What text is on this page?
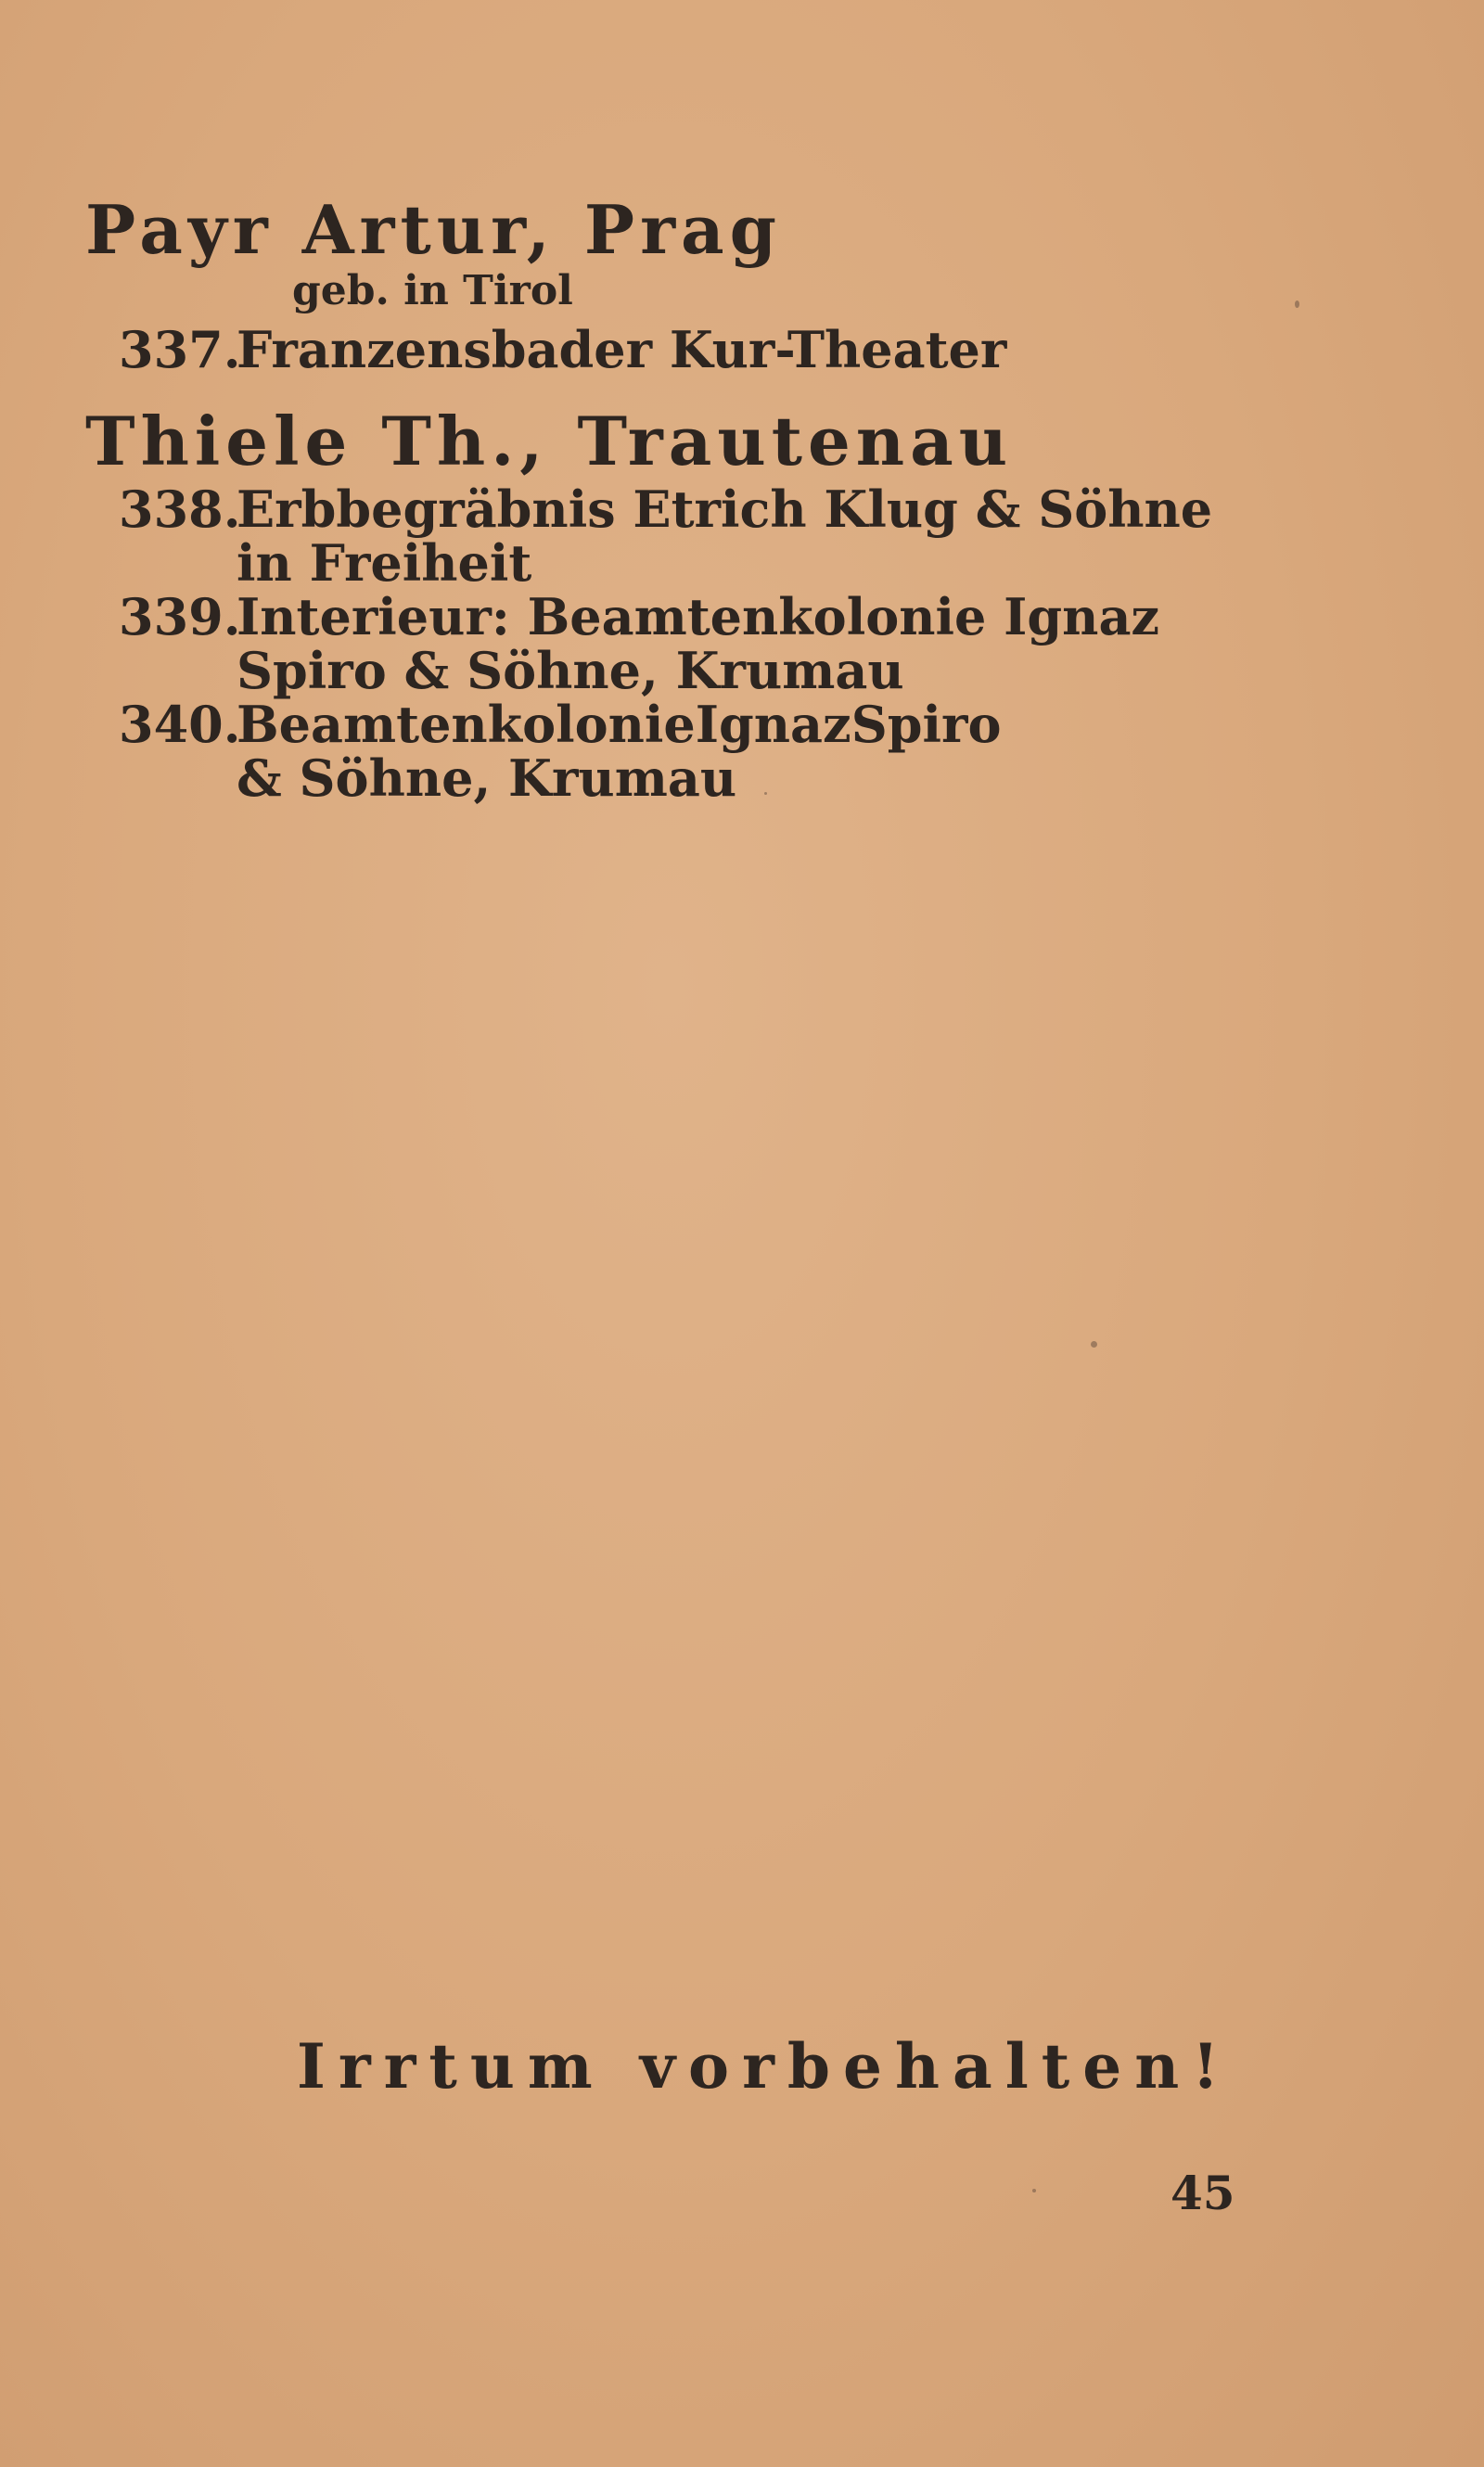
Payr Artur, Prag
geb. in Tirol
337.
Franzensbader Kur-Theater
Thiele Th., Trautenau
338.
Erbbegräbnis Etrich Klug & Söhne
in Freiheit
339.
Interieur: Beamtenkolonie Ignaz
Spiro & Söhne, Krumau
340.
Beamtenkolonie Ignaz Spiro
& Söhne, Krumau
Irrtum vorbehalten!
45
